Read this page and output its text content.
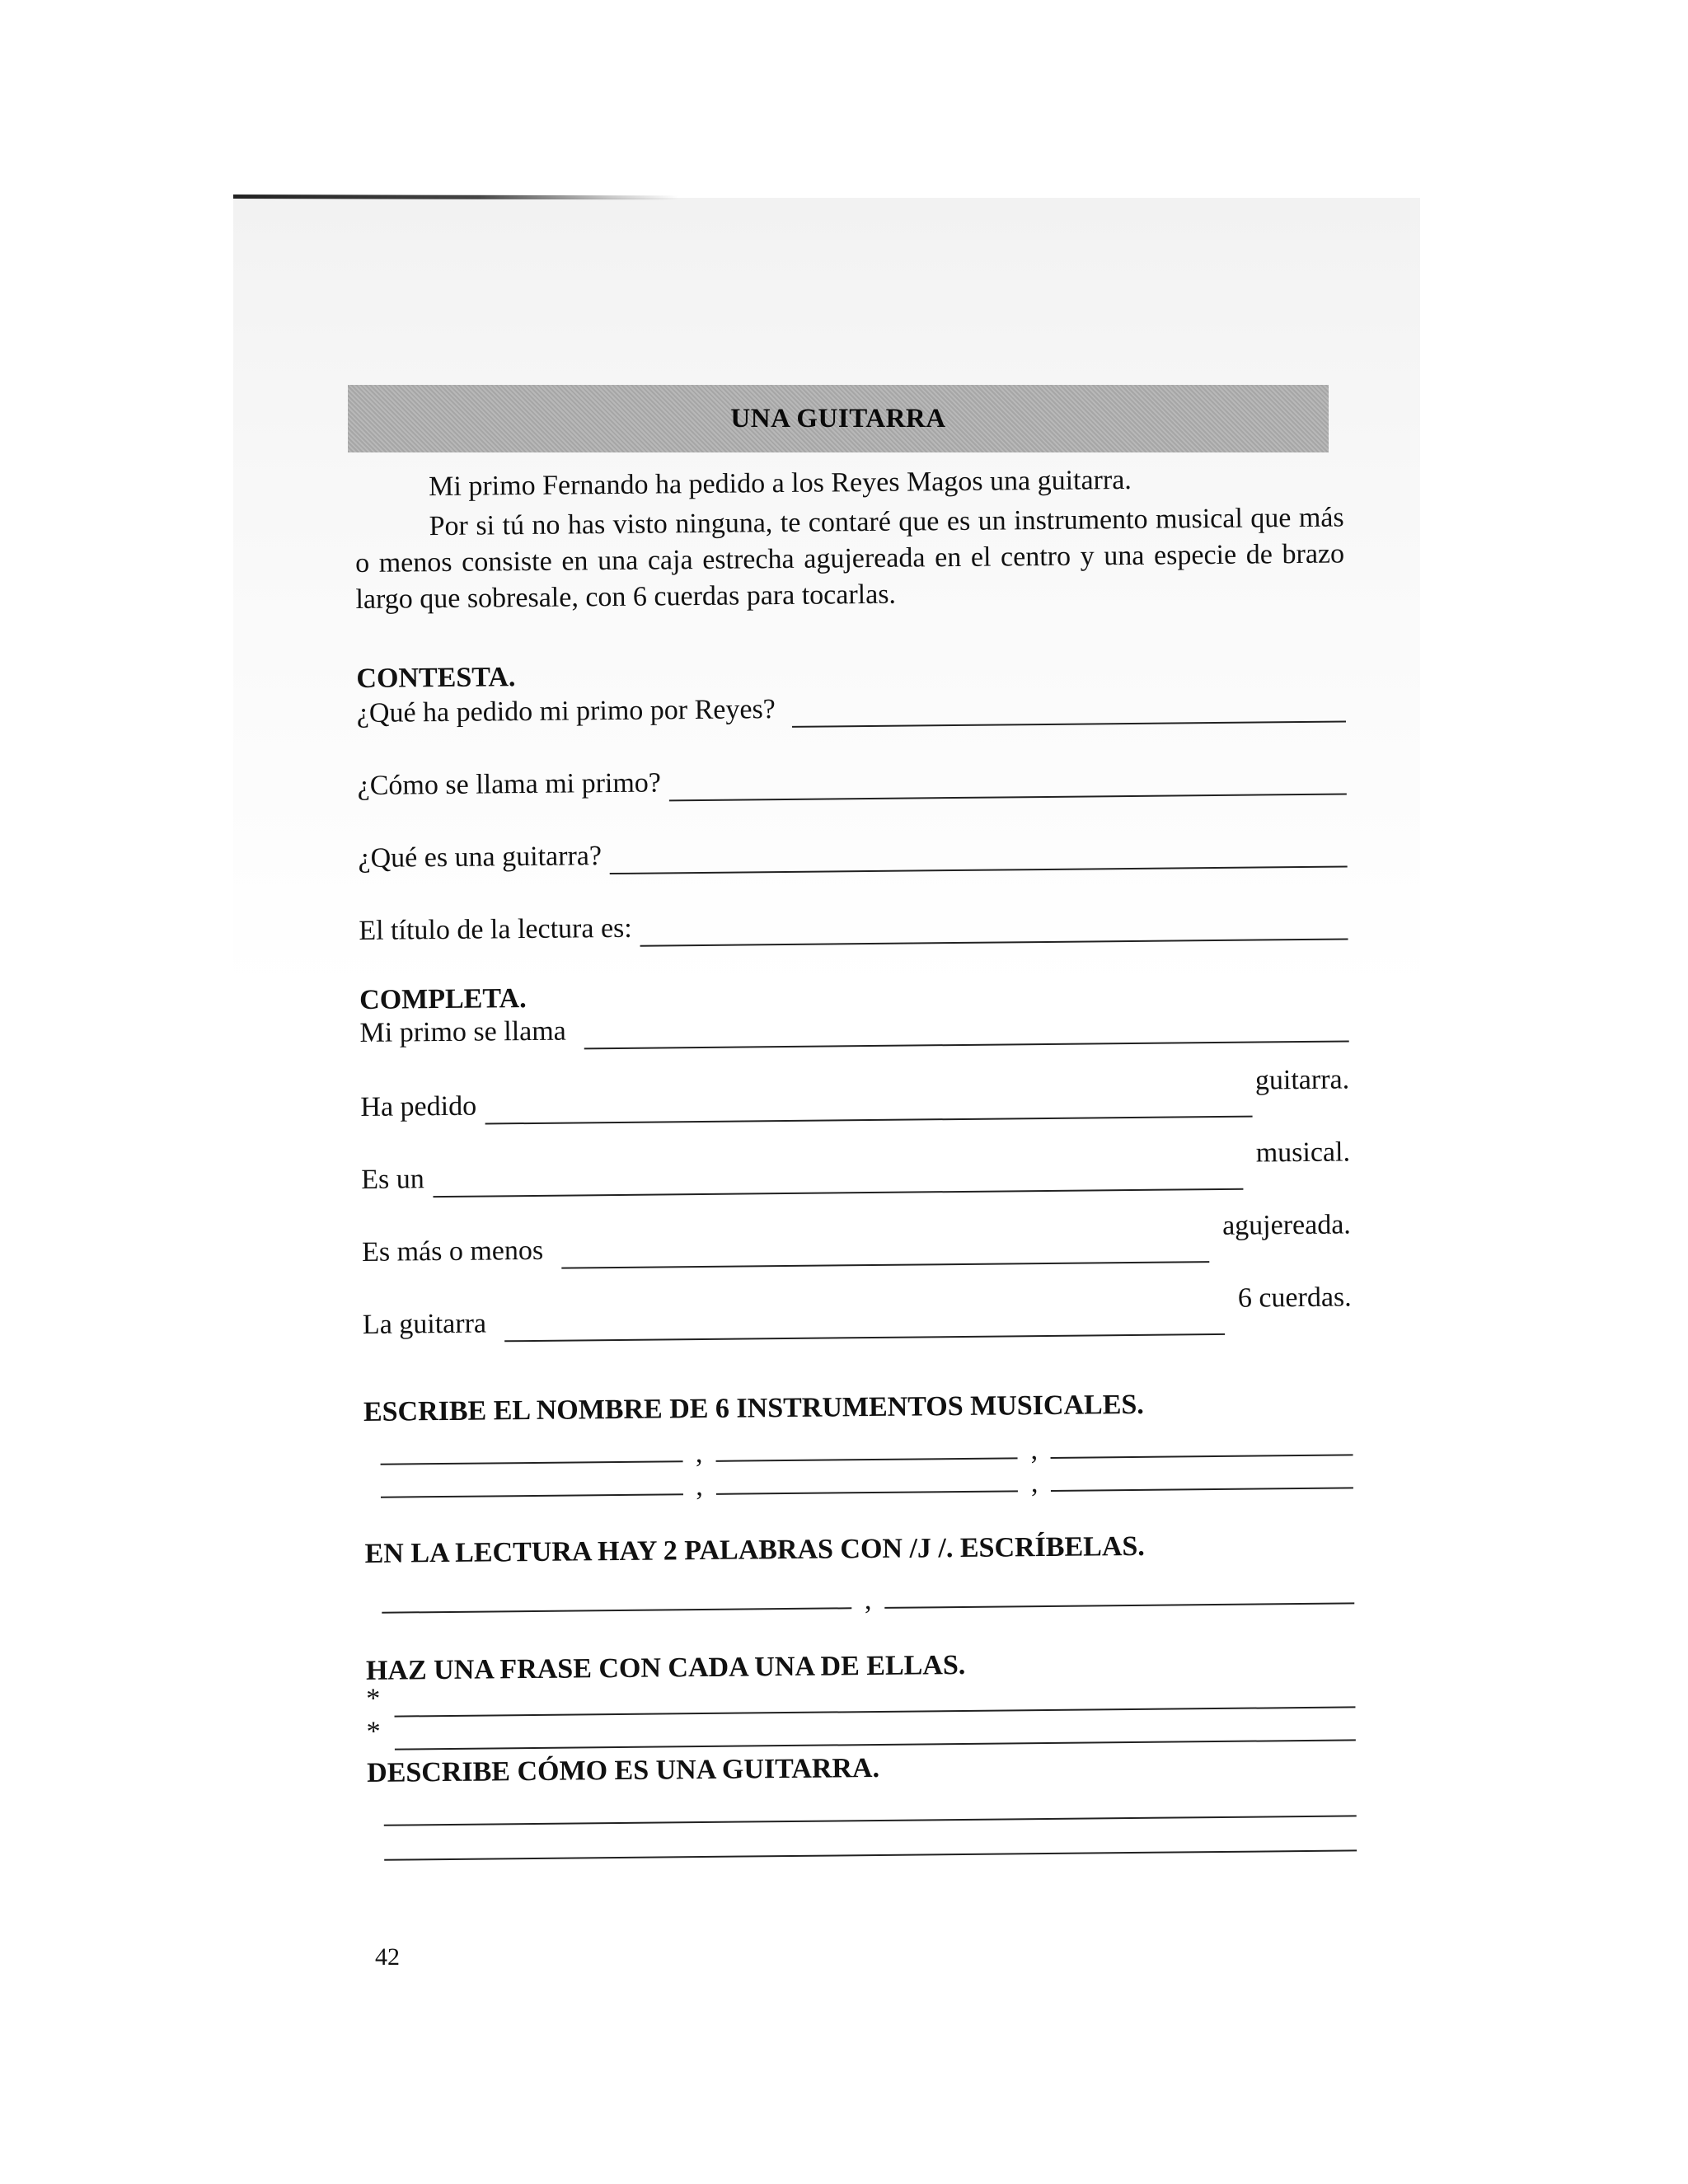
UNA GUITARRA

Mi primo Fernando ha pedido a los Reyes Magos una guitarra.

Por si tú no has visto ninguna, te contaré que es un instrumento musical que más o menos consiste en una caja estrecha agujereada en el centro y una especie de brazo largo que sobresale, con 6 cuerdas para tocarlas.

CONTESTA.

¿Qué ha pedido mi primo por Reyes?
¿Cómo se llama mi primo?
¿Qué es una guitarra?
El título de la lectura es:

COMPLETA.

Mi primo se llama
Ha pedido
guitarra.
Es un
musical.
Es más o menos
agujereada.
La guitarra
6 cuerdas.

ESCRIBE EL NOMBRE DE 6 INSTRUMENTOS MUSICALES.

,	,
,	,

EN LA LECTURA HAY 2 PALABRAS CON /J /. ESCRÍBELAS.

,

HAZ UNA FRASE CON CADA UNA DE ELLAS.

*
*

DESCRIBE CÓMO ES UNA GUITARRA.

42
